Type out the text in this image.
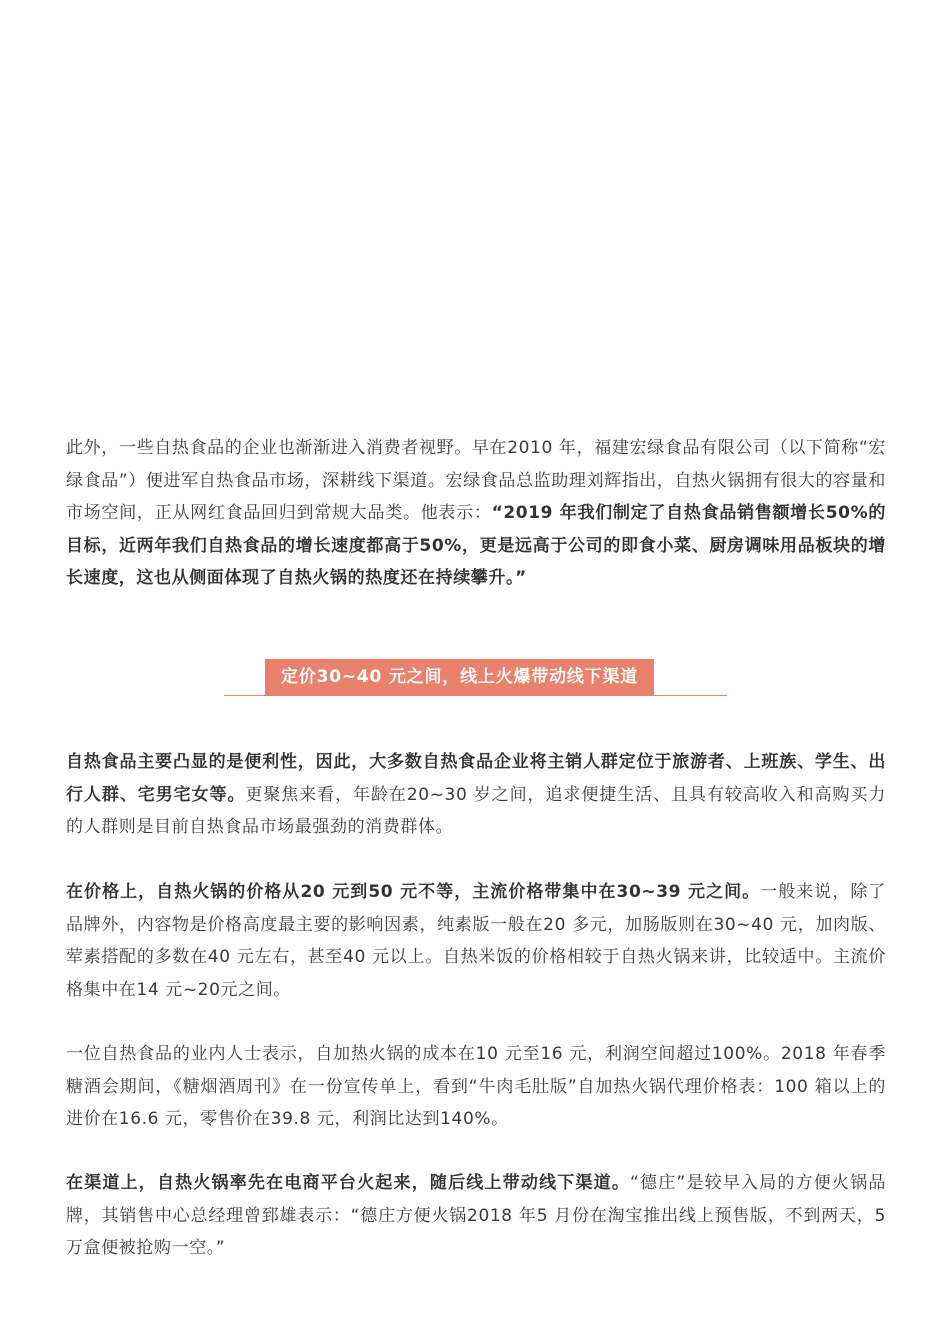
此外，一些自热食品的企业也渐渐进入消费者视野。早在2010 年，福建宏绿食品有限公司（以下简称“宏绿食品”）便进军自热食品市场，深耕线下渠道。宏绿食品总监助理刘辉指出，自热火锅拥有很大的容量和市场空间，正从网红食品回归到常规大品类。他表示：“2019 年我们制定了自热食品销售额增长50%的目标，近两年我们自热食品的增长速度都高于50%，更是远高于公司的即食小菜、厨房调味用品板块的增长速度，这也从侧面体现了自热火锅的热度还在持续攀升。”

定价30~40 元之间，线上火爆带动线下渠道

自热食品主要凸显的是便利性，因此，大多数自热食品企业将主销人群定位于旅游者、上班族、学生、出行人群、宅男宅女等。更聚焦来看，年龄在20~30 岁之间，追求便捷生活、且具有较高收入和高购买力的人群则是目前自热食品市场最强劲的消费群体。

在价格上，自热火锅的价格从20 元到50 元不等，主流价格带集中在30~39 元之间。一般来说，除了品牌外，内容物是价格高度最主要的影响因素，纯素版一般在20 多元，加肠版则在30~40 元，加肉版、荤素搭配的多数在40 元左右，甚至40 元以上。自热米饭的价格相较于自热火锅来讲，比较适中。主流价格集中在14 元~20元之间。

一位自热食品的业内人士表示，自加热火锅的成本在10 元至16 元，利润空间超过100%。2018 年春季糖酒会期间，《糖烟酒周刊》在一份宣传单上，看到“牛肉毛肚版”自加热火锅代理价格表：100 箱以上的进价在16.6 元，零售价在39.8 元，利润比达到140%。

在渠道上，自热火锅率先在电商平台火起来，随后线上带动线下渠道。“德庄”是较早入局的方便火锅品牌，其销售中心总经理曾郅雄表示：“德庄方便火锅2018 年5 月份在淘宝推出线上预售版，不到两天，5 万盒便被抢购一空。”
